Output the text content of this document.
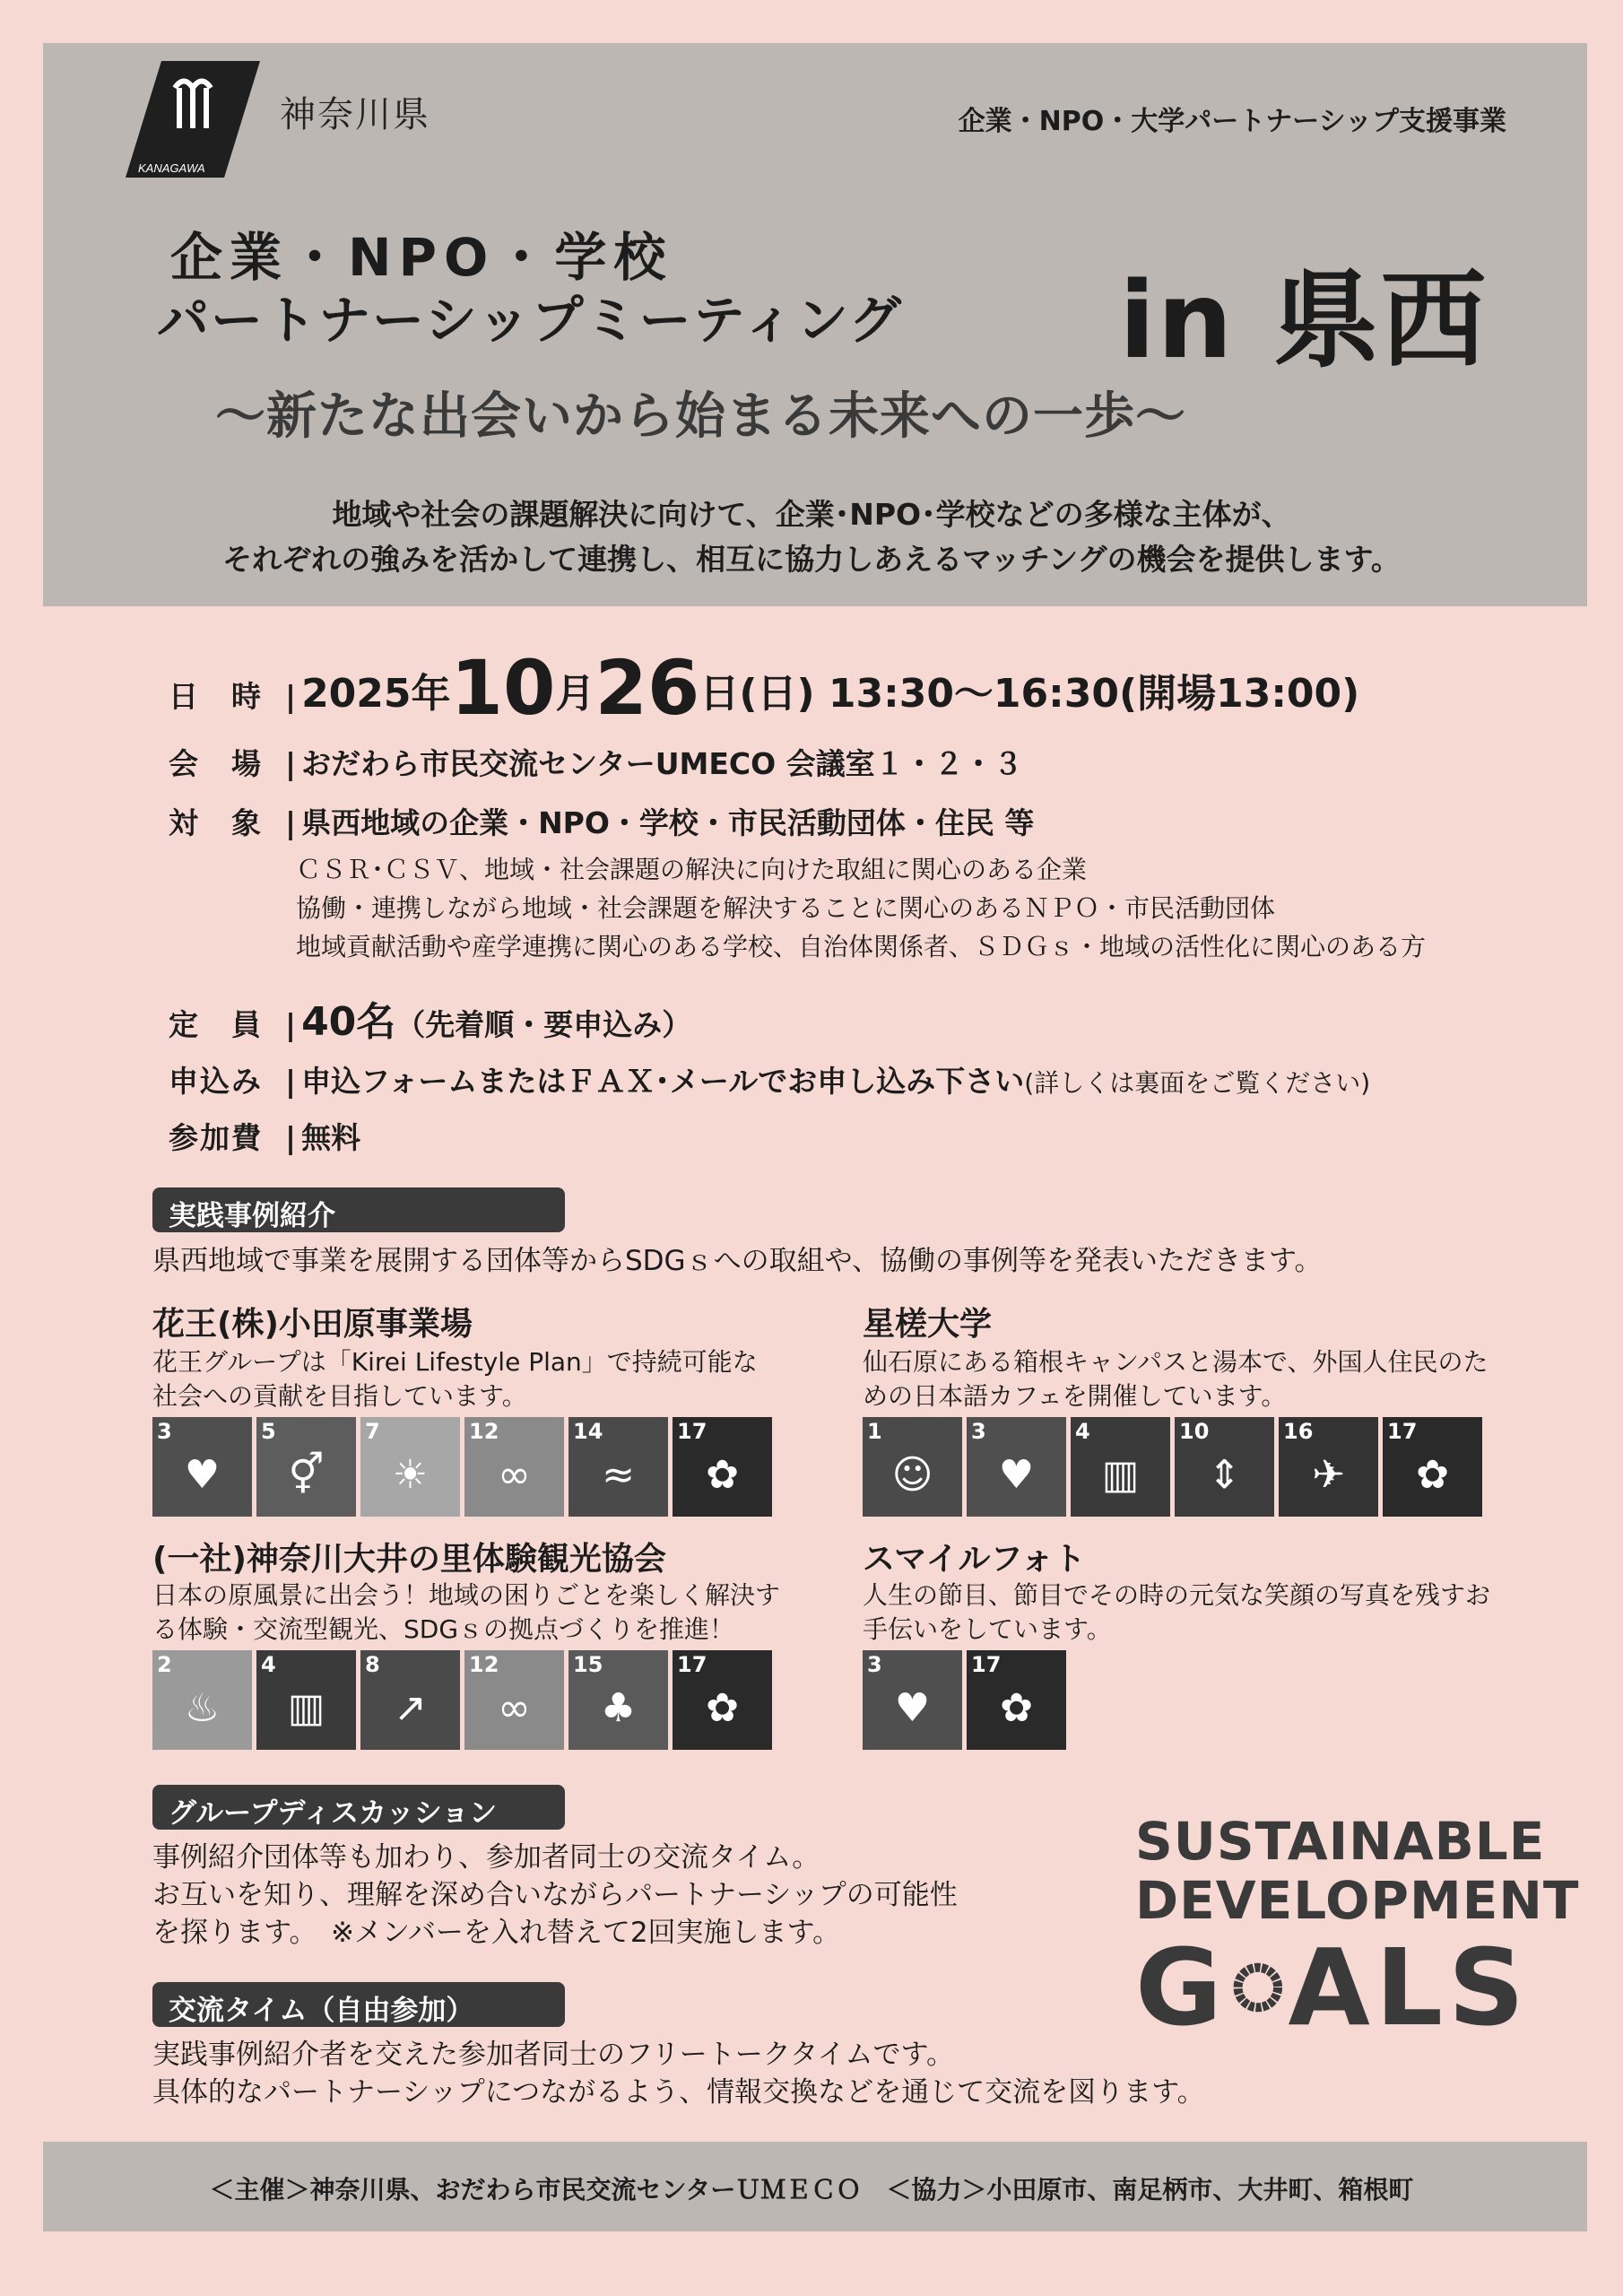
KANAGAWA
神奈川県	企業・NPO・大学パートナーシップ支援事業
企業・NPO・学校
パートナーシップミーティング in 県西
～新たな出会いから始まる未来への一歩～
地域や社会の課題解決に向けて、企業･NPO･学校などの多様な主体が、
それぞれの強みを活かして連携し、相互に協力しあえるマッチングの機会を提供します。
日　時 | 2025年10月26日(日) 13:30～16:30(開場13:00)
会　場 | おだわら市民交流センターUMECO 会議室１・２・３
対　象 | 県西地域の企業・NPO・学校・市民活動団体・住民 等
ＣＳＲ･ＣＳＶ、地域・社会課題の解決に向けた取組に関心のある企業
協働・連携しながら地域・社会課題を解決することに関心のあるＮＰＯ・市民活動団体
地域貢献活動や産学連携に関心のある学校、自治体関係者、ＳＤＧｓ・地域の活性化に関心のある方
定　員 | 40名（先着順・要申込み）
申込み | 申込フォームまたはＦＡＸ･メールでお申し込み下さい(詳しくは裏面をご覧ください)
参加費 | 無料
実践事例紹介
県西地域で事業を展開する団体等からSDGｓへの取組や、協働の事例等を発表いただきます。
花王(株)小田原事業場
花王グループは「Kirei Lifestyle Plan」で持続可能な社会への貢献を目指しています。
3
♥
5
⚥
7
☀
12
∞
14
≈
17
✿
星槎大学
仙石原にある箱根キャンパスと湯本で、外国人住民のための日本語カフェを開催しています。
1
☺
3
♥
4
▥
10
⇕
16
✈
17
✿
(一社)神奈川大井の里体験観光協会
日本の原風景に出会う！地域の困りごとを楽しく解決する体験・交流型観光、SDGｓの拠点づくりを推進！
2
♨
4
▥
8
↗
12
∞
15
♣
17
✿
スマイルフォト
人生の節目、節目でその時の元気な笑顔の写真を残すお手伝いをしています。
3
♥
17
✿
グループディスカッション
事例紹介団体等も加わり、参加者同士の交流タイム。
お互いを知り、理解を深め合いながらパートナーシップの可能性
を探ります。　※メンバーを入れ替えて2回実施します。
交流タイム（自由参加）
実践事例紹介者を交えた参加者同士のフリートークタイムです。
具体的なパートナーシップにつながるよう、情報交換などを通じて交流を図ります。
SUSTAINABLE
DEVELOPMENT
G ALS
＜主催＞神奈川県、おだわら市民交流センターＵＭＥＣＯ　＜協力＞小田原市、南足柄市、大井町、箱根町
